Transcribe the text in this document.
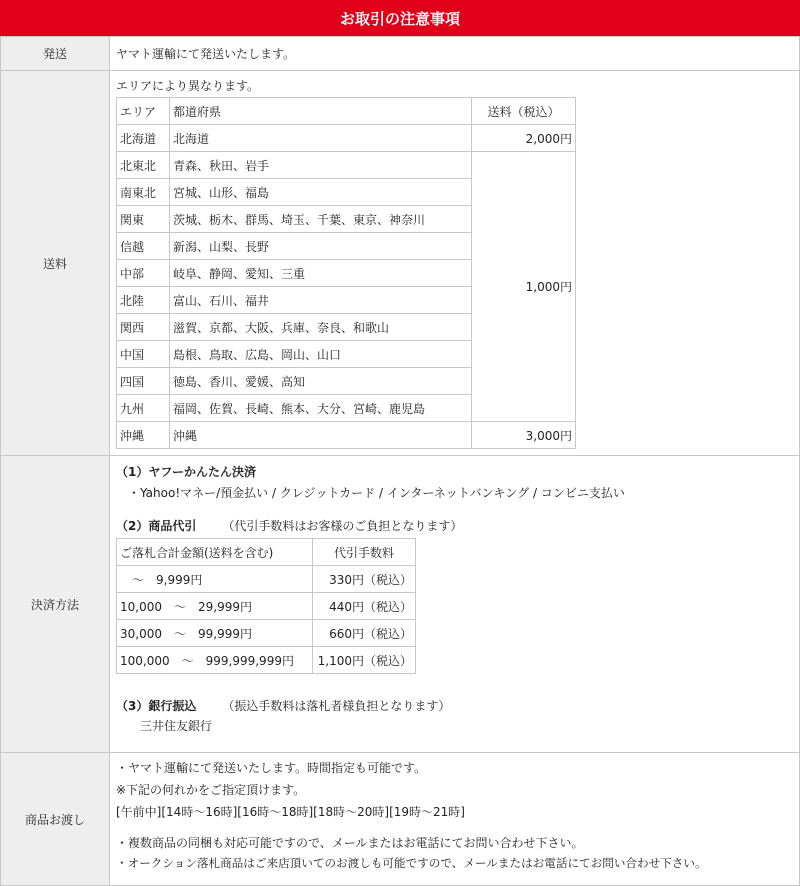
お取引の注意事項
発送	ヤマト運輸にて発送いたします。
送料	
エリアにより異なります。
エリア	都道府県	送料（税込）
北海道	北海道	2,000円
北東北	青森、秋田、岩手	1,000円
南東北	宮城、山形、福島
関東	茨城、栃木、群馬、埼玉、千葉、東京、神奈川
信越	新潟、山梨、長野
中部	岐阜、静岡、愛知、三重
北陸	富山、石川、福井
関西	滋賀、京都、大阪、兵庫、奈良、和歌山
中国	島根、鳥取、広島、岡山、山口
四国	徳島、香川、愛媛、高知
九州	福岡、佐賀、長崎、熊本、大分、宮崎、鹿児島
沖縄	沖縄	3,000円

決済方法	
（1）ヤフーかんたん決済
・Yahoo!マネー/預金払い / クレジットカード / インターネットバンキング / コンビニ支払い
（2）商品代引 （代引手数料はお客様のご負担となります）
ご落札合計金額(送料を含む)	代引手数料
　～　9,999円	330円（税込）
10,000　～　29,999円	440円（税込）
30,000　～　99,999円	660円（税込）
100,000　～　999,999,999円	1,100円（税込）
（3）銀行振込 （振込手数料は落札者様負担となります）
三井住友銀行

商品お渡し	
・ヤマト運輸にて発送いたします。時間指定も可能です。
※下記の何れかをご指定頂けます。
[午前中][14時～16時][16時～18時][18時～20時][19時～21時]
・複数商品の同梱も対応可能ですので、メールまたはお電話にてお問い合わせ下さい。
・オークション落札商品はご来店頂いてのお渡しも可能ですので、メールまたはお電話にてお問い合わせ下さい。
